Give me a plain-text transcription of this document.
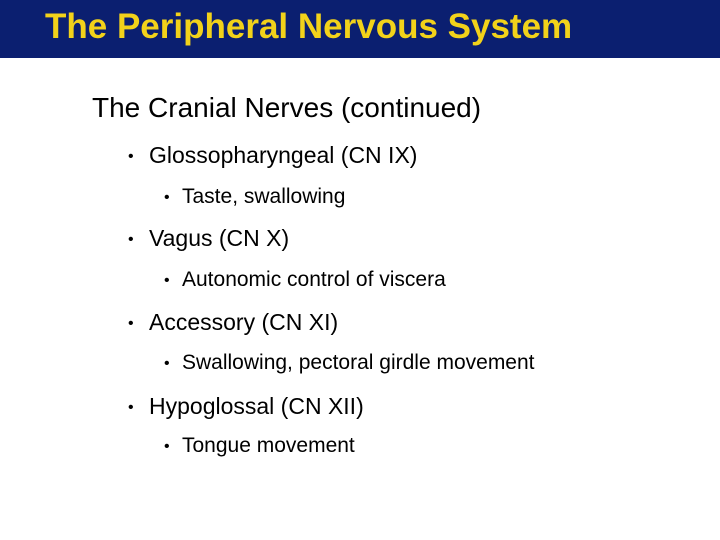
The Peripheral Nervous System
The Cranial Nerves (continued)
• Glossopharyngeal (CN IX)
• Taste, swallowing
• Vagus (CN X)
• Autonomic control of viscera
• Accessory (CN XI)
• Swallowing, pectoral girdle movement
• Hypoglossal (CN XII)
• Tongue movement
